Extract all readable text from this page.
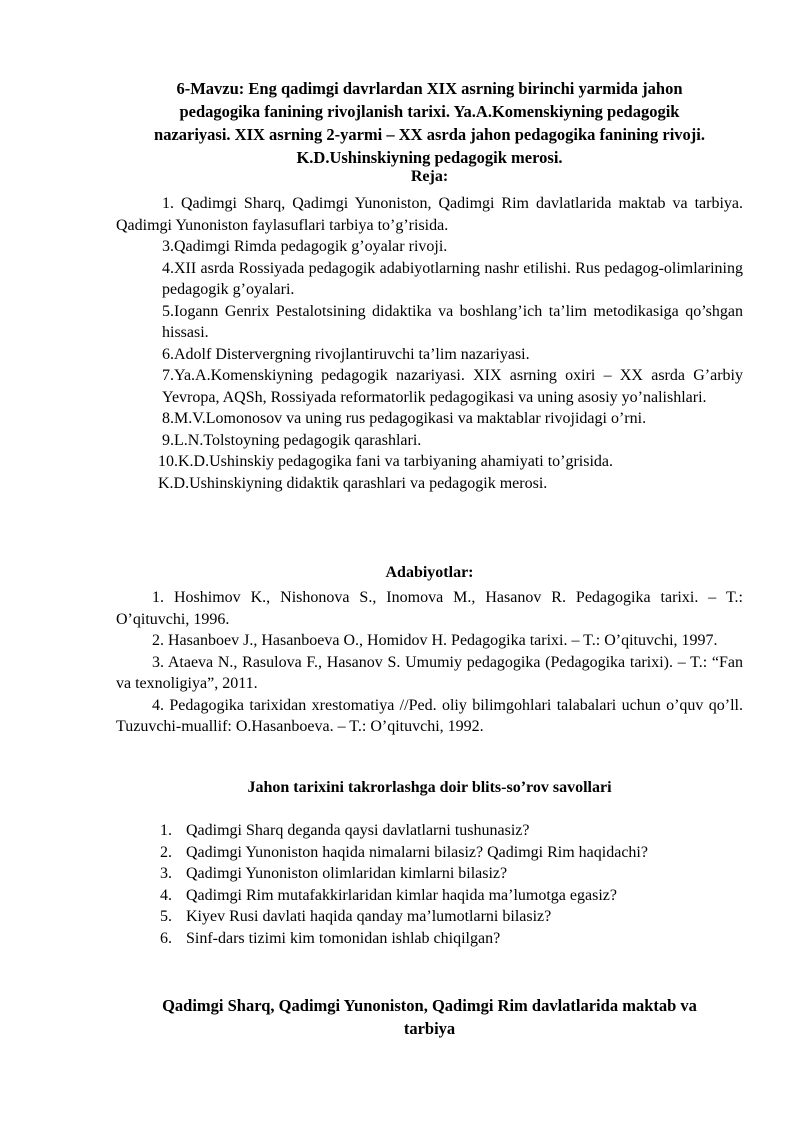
6-Mavzu: Eng qadimgi davrlardan XIX asrning birinchi yarmida jahon
pedagogika fanining rivojlanish tarixi. Ya.A.Komenskiyning pedagogik
nazariyasi. XIX asrning 2-yarmi – XX asrda jahon pedagogika fanining rivoji.
K.D.Ushinskiyning pedagogik merosi.
Reja:

1. Qadimgi Sharq, Qadimgi Yunoniston, Qadimgi Rim davlatlarida maktab va tarbiya. Qadimgi Yunoniston faylasuflari tarbiya to’g’risida.

3.Qadimgi Rimda pedagogik g’oyalar rivoji.

4.XII asrda Rossiyada pedagogik adabiyotlarning nashr etilishi. Rus pedagog-olimlarining pedagogik g’oyalari.

5.Iogann Genrix Pestalotsining didaktika va boshlang’ich ta’lim metodikasiga qo’shgan hissasi.

6.Adolf Distervergning rivojlantiruvchi ta’lim nazariyasi.

7.Ya.A.Komenskiyning pedagogik nazariyasi. XIX asrning oxiri – XX asrda G’arbiy Yevropa, AQSh, Rossiyada reformatorlik pedagogikasi va uning asosiy yo’nalishlari.

8.M.V.Lomonosov va uning rus pedagogikasi va maktablar rivojidagi o’rni.

9.L.N.Tolstoyning pedagogik qarashlari.

10.K.D.Ushinskiy pedagogika fani va tarbiyaning ahamiyati to’grisida.

K.D.Ushinskiyning didaktik qarashlari va pedagogik merosi.

Adabiyotlar:

1. Hoshimov K., Nishonova S., Inomova M., Hasanov R. Pedagogika tarixi. – T.: O’qituvchi, 1996.

2. Hasanboev J., Hasanboeva O., Homidov H. Pedagogika tarixi. – T.: O’qituvchi, 1997.

3. Ataeva N., Rasulova F., Hasanov S. Umumiy pedagogika (Pedagogika tarixi). – T.: “Fan va texnoligiya”, 2011.

4. Pedagogika tarixidan xrestomatiya //Ped. oliy bilimgohlari talabalari uchun o’quv qo’ll. Tuzuvchi-muallif: O.Hasanboeva. – T.: O’qituvchi, 1992.

Jahon tarixini takrorlashga doir blits-so’rov savollari
1. Qadimgi Sharq deganda qaysi davlatlarni tushunasiz?
2. Qadimgi Yunoniston haqida nimalarni bilasiz? Qadimgi Rim haqidachi?
3. Qadimgi Yunoniston olimlaridan kimlarni bilasiz?
4. Qadimgi Rim mutafakkirlaridan kimlar haqida ma’lumotga egasiz?
5. Kiyev Rusi davlati haqida qanday ma’lumotlarni bilasiz?
6. Sinf-dars tizimi kim tomonidan ishlab chiqilgan?
Qadimgi Sharq, Qadimgi Yunoniston, Qadimgi Rim davlatlarida maktab va
tarbiya
